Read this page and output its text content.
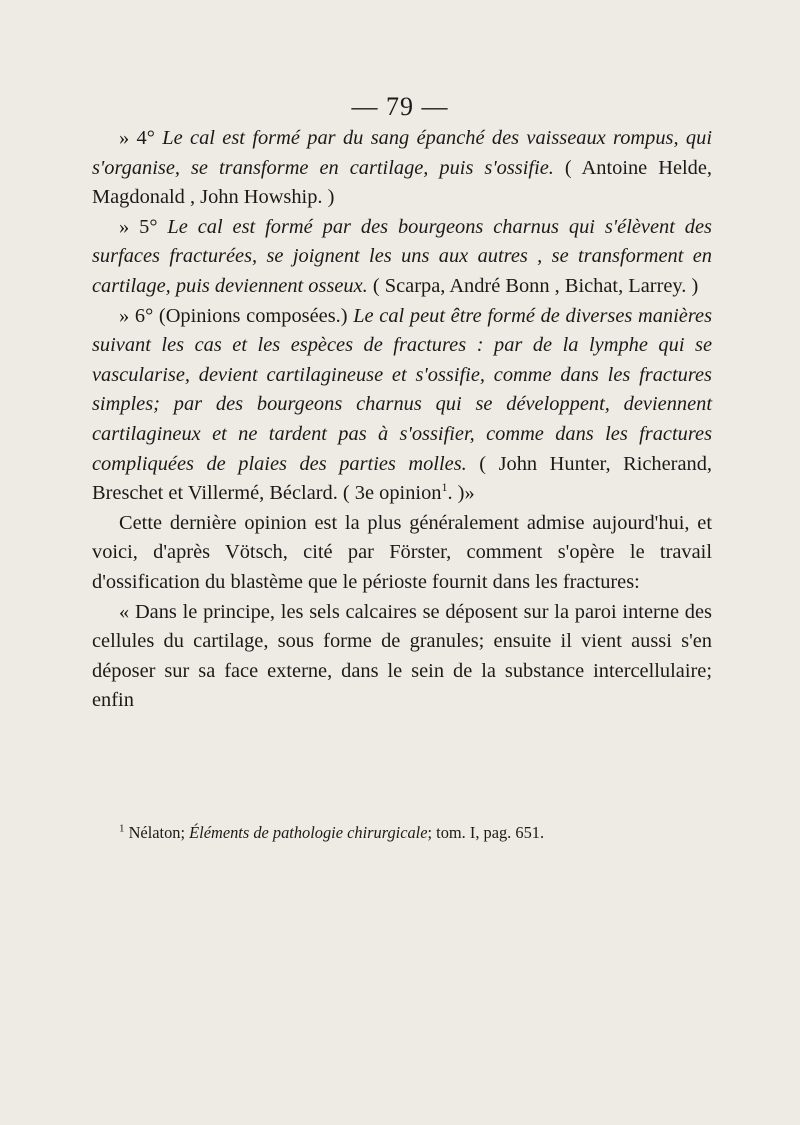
— 79 —

» 4° Le cal est formé par du sang épanché des vaisseaux rompus, qui s'organise, se transforme en cartilage, puis s'ossifie. ( Antoine Helde, Magdonald , John Howship. )

» 5° Le cal est formé par des bourgeons charnus qui s'élèvent des surfaces fracturées, se joignent les uns aux autres , se transforment en cartilage, puis deviennent osseux. ( Scarpa, André Bonn , Bichat, Larrey. )

» 6° (Opinions composées.) Le cal peut être formé de diverses manières suivant les cas et les espèces de fractures : par de la lymphe qui se vascularise, devient cartilagineuse et s'ossifie, comme dans les fractures simples; par des bourgeons charnus qui se développent, deviennent cartilagineux et ne tardent pas à s'ossifier, comme dans les fractures compliquées de plaies des parties molles. ( John Hunter, Richerand, Breschet et Villermé, Béclard. ( 3e opinion$^1$. )»

Cette dernière opinion est la plus généralement admise aujourd'hui, et voici, d'après Vötsch, cité par Förster, comment s'opère le travail d'ossification du blastème que le périoste fournit dans les fractures:

« Dans le principe, les sels calcaires se déposent sur la paroi interne des cellules du cartilage, sous forme de granules; ensuite il vient aussi s'en déposer sur sa face externe, dans le sein de la substance intercellulaire; enfin

$^1$ Nélaton; Éléments de pathologie chirurgicale; tom. I, pag. 651.
